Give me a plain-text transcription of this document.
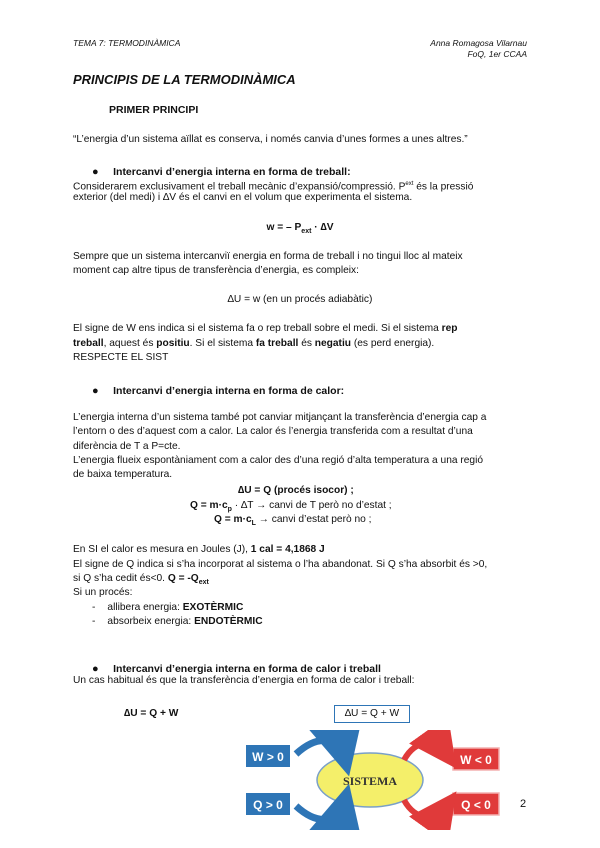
TEMA 7: TERMODINÀMICA	Anna Romagosa Vilarnau
FoQ, 1er CCAA
PRINCIPIS DE LA TERMODINÀMICA
PRIMER PRINCIPI
“L’energia d’un sistema aïllat es conserva, i només canvia d’unes formes a unes altres.”
● Intercanvi d’energia interna en forma de treball:
Considerarem exclusivament el treball mecànic d’expansió/compressió. $P^{ext}$ és la pressió
exterior (del medi) i ∆V és el canvi en el volum que experimenta el sistema.
w = – $P_{ext} \cdot \Delta V$
Sempre que un sistema intercanviï energia en forma de treball i no tingui lloc al mateix
moment cap altre tipus de transferència d’energia, es compleix:
∆U = w (en un procés adiabàtic)
El signe de W ens indica si el sistema fa o rep treball sobre el medi. Si el sistema rep
treball, aquest és positiu. Si el sistema fa treball és negatiu (es perd energia).
RESPECTE EL SIST
● Intercanvi d’energia interna en forma de calor:
L’energia interna d’un sistema també pot canviar mitjançant la transferència d’energia cap a
l’entorn o des d’aquest com a calor. La calor és l’energia transferida com a resultat d’una
diferència de T a P=cte.
L’energia flueix espontàniament com a calor des d’una regió d’alta temperatura a una regió
de baixa temperatura.
∆U = Q (procés isocor) ;
$Q = m\cdot c_p \cdot \Delta T$ → canvi de T però no d’estat ;
$Q = m\cdot c_L$ → canvi d’estat però no ;
En SI el calor es mesura en Joules (J), 1 cal = 4,1868 J
El signe de Q indica si s’ha incorporat al sistema o l’ha abandonat. Si Q s’ha absorbit és >0,
si Q s’ha cedit és<0. $Q = -Q_{ext}$
Si un procés:
- allibera energia: EXOTÈRMIC
- absorbeix energia: ENDOTÈRMIC
● Intercanvi d’energia interna en forma de calor i treball
Un cas habitual és que la transferència d’energia en forma de calor i treball:
∆U = Q + W	∆U = Q + W
W > 0
Q > 0
W < 0
Q < 0
SISTEMA
2
